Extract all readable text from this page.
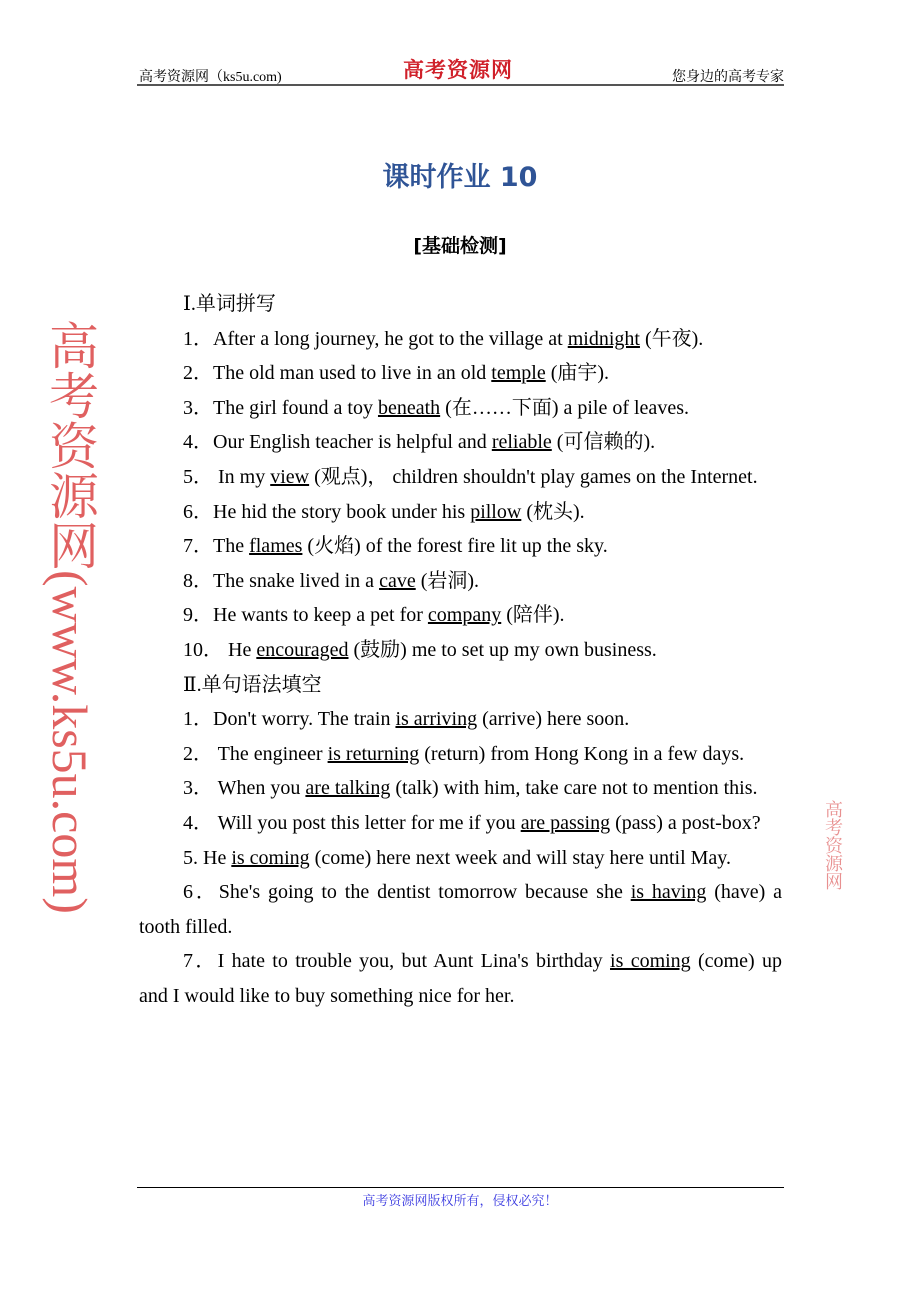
高考资源网（ks5u.com)	高考资源网	您身边的高考专家
课时作业 10
[基础检测]

Ⅰ.单词拼写

1．After a long journey, he got to the village at midnight (午夜).

2．The old man used to live in an old temple (庙宇).

3．The girl found a toy beneath (在……下面) a pile of leaves.

4．Our English teacher is helpful and reliable (可信赖的).

5． In my view (观点)， children shouldn't play games on the Internet.

6．He hid the story book under his pillow (枕头).

7．The flames (火焰) of the forest fire lit up the sky.

8．The snake lived in a cave (岩洞).

9．He wants to keep a pet for company (陪伴).

10． He encouraged (鼓励) me to set up my own business.

Ⅱ.单句语法填空

1．Don't worry. The train is arriving (arrive) here soon.

2． The engineer is returning (return) from Hong Kong in a few days.

3． When you are talking (talk) with him, take care not to mention this.

4． Will you post this letter for me if you are passing (pass) a post-box?

5. He is coming (come) here next week and will stay here until May.

6．She's going to the dentist tomorrow because she is having (have) a tooth filled.

7．I hate to trouble you, but Aunt Lina's birthday is coming (come) up and I would like to buy something nice for her.

高考资源网(www.ks5u.com)	高考资源网
高考资源网版权所有，侵权必究！
